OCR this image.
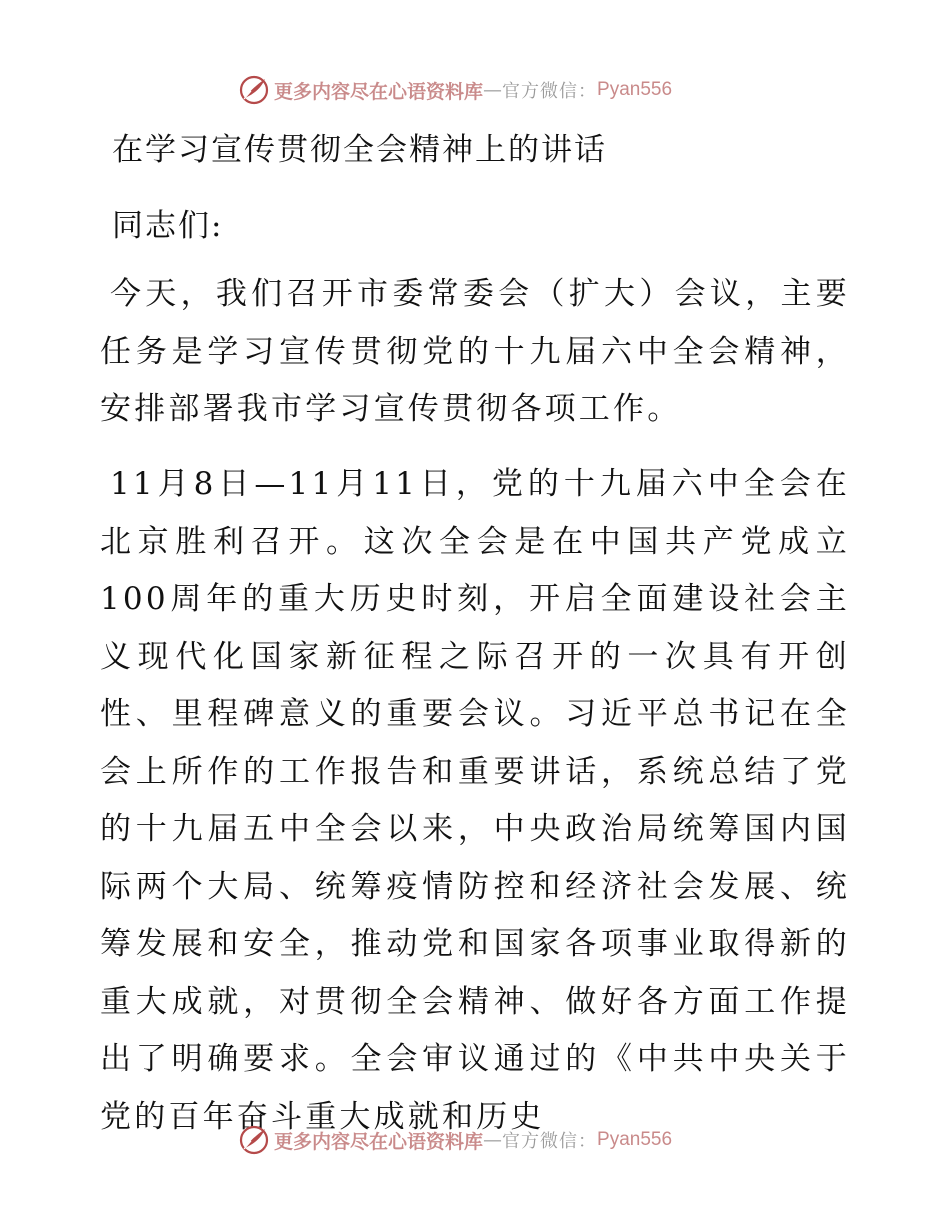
更多内容尽在心语资料库 — 官方微信： Pyan556
在学习宣传贯彻全会精神上的讲话
同志们:
今天，我们召开市委常委会（扩大）会议，主要任务是学习宣传贯彻党的十九届六中全会精神，安排部署我市学习宣传贯彻各项工作。
11月8日—11月11日，党的十九届六中全会在北京胜利召开。这次全会是在中国共产党成立100周年的重大历史时刻，开启全面建设社会主义现代化国家新征程之际召开的一次具有开创性、里程碑意义的重要会议。习近平总书记在全会上所作的工作报告和重要讲话，系统总结了党的十九届五中全会以来，中央政治局统筹国内国际两个大局、统筹疫情防控和经济社会发展、统筹发展和安全，推动党和国家各项事业取得新的重大成就，对贯彻全会精神、做好各方面工作提出了明确要求。全会审议通过的《中共中央关于党的百年奋斗重大成就和历史
更多内容尽在心语资料库 — 官方微信： Pyan556
